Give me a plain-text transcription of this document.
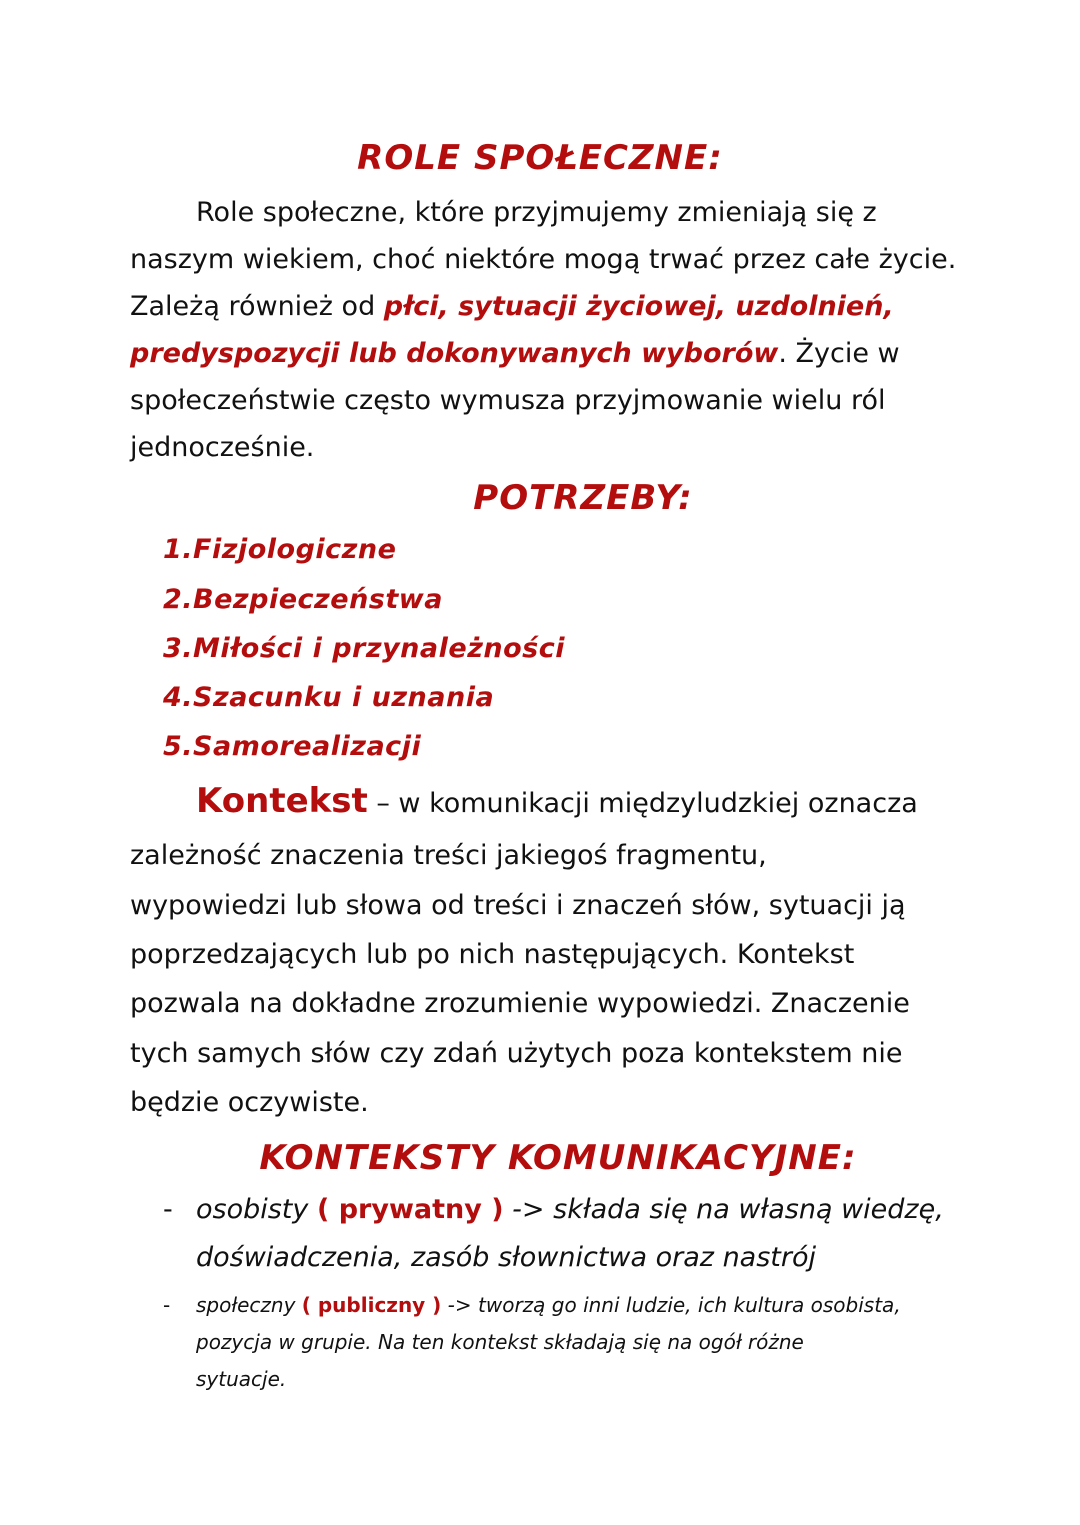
ROLE SPOŁECZNE:

Role społeczne, które przyjmujemy zmieniają się z

naszym wiekiem, choć niektóre mogą trwać przez całe życie.

Zależą również od płci, sytuacji życiowej, uzdolnień,

predyspozycji lub dokonywanych wyborów. Życie w

społeczeństwie często wymusza przyjmowanie wielu ról

jednocześnie.

POTRZEBY:

1.Fizjologiczne

2.Bezpieczeństwa

3.Miłości i przynależności

4.Szacunku i uznania

5.Samorealizacji

Kontekst – w komunikacji międzyludzkiej oznacza

zależność znaczenia treści jakiegoś fragmentu,

wypowiedzi lub słowa od treści i znaczeń słów, sytuacji ją

poprzedzających lub po nich następujących. Kontekst

pozwala na dokładne zrozumienie wypowiedzi. Znaczenie

tych samych słów czy zdań użytych poza kontekstem nie

będzie oczywiste.

KONTEKSTY KOMUNIKACYJNE:
- osobisty ( prywatny ) -> składa się na własną wiedzę,

doświadczenia, zasób słownictwa oraz nastrój

- społeczny ( publiczny ) -> tworzą go inni ludzie, ich kultura osobista,

pozycja w grupie. Na ten kontekst składają się na ogół różne

sytuacje.
